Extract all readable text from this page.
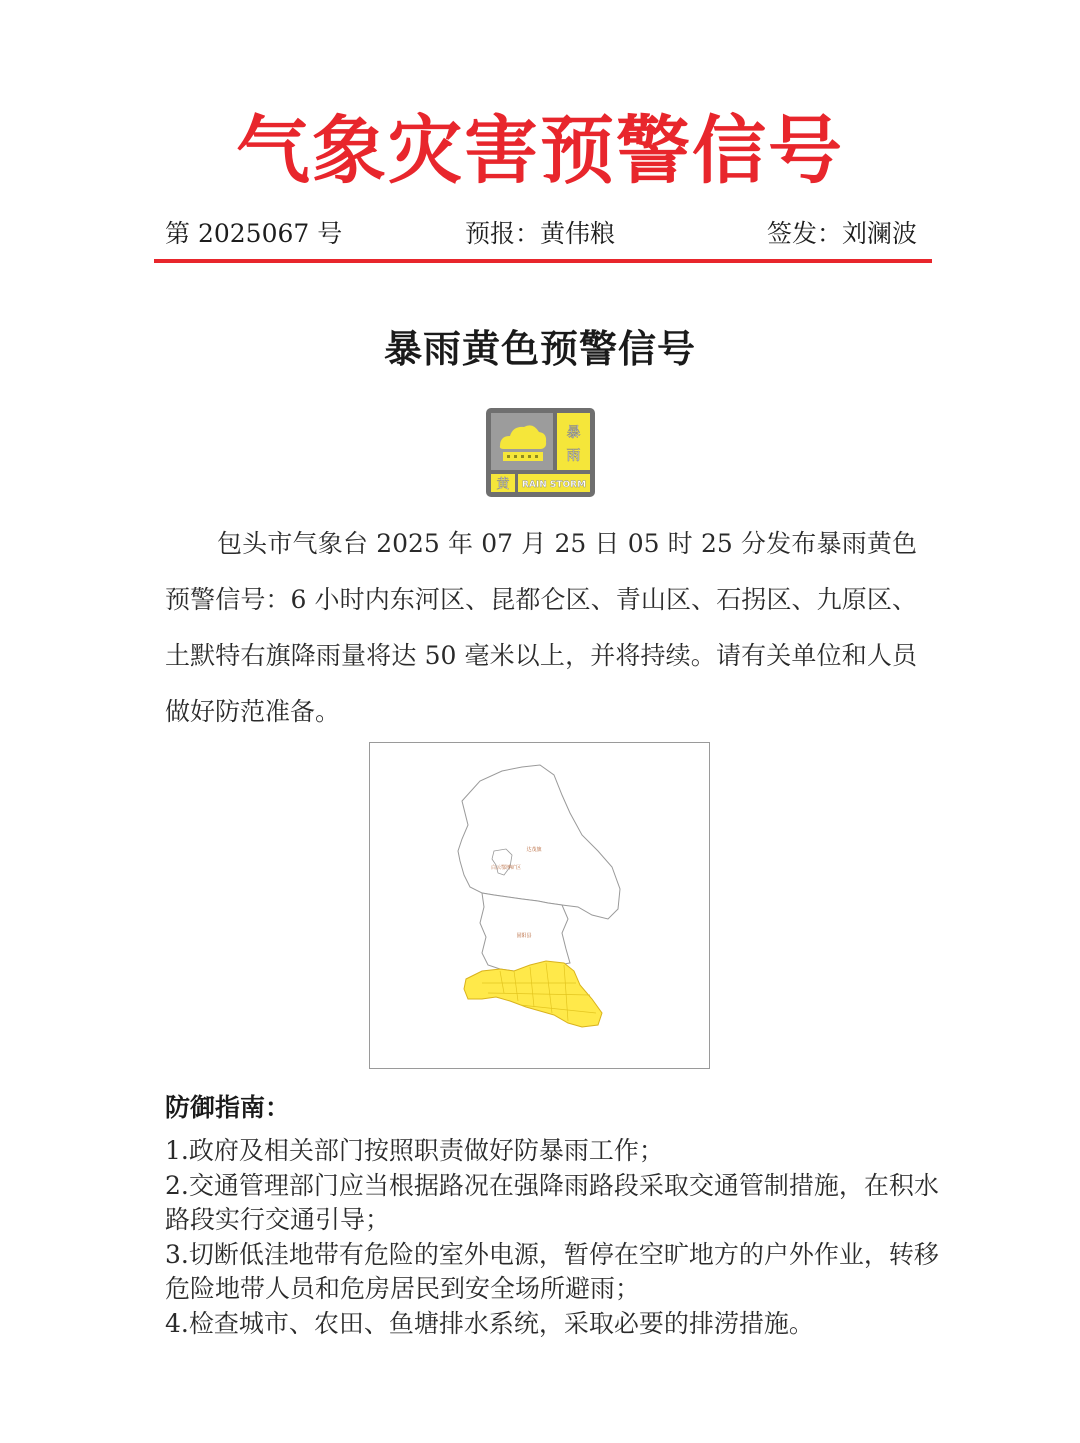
气象灾害预警信号
第 2025067 号	预报：黄伟粮	签发：刘澜波
暴雨黄色预警信号
暴
雨
黄 RAIN STORM
包头市气象台 2025 年 07 月 25 日 05 时 25 分发布暴雨黄色预警信号：6 小时内东河区、昆都仑区、青山区、石拐区、九原区、土默特右旗降雨量将达 50 毫米以上，并将持续。请有关单位和人员做好防范准备。
达茂旗
白云鄂博矿区
固阳县
防御指南：
1.政府及相关部门按照职责做好防暴雨工作；
2.交通管理部门应当根据路况在强降雨路段采取交通管制措施，在积水路段实行交通引导；
3.切断低洼地带有危险的室外电源，暂停在空旷地方的户外作业，转移危险地带人员和危房居民到安全场所避雨；
4.检查城市、农田、鱼塘排水系统，采取必要的排涝措施。
